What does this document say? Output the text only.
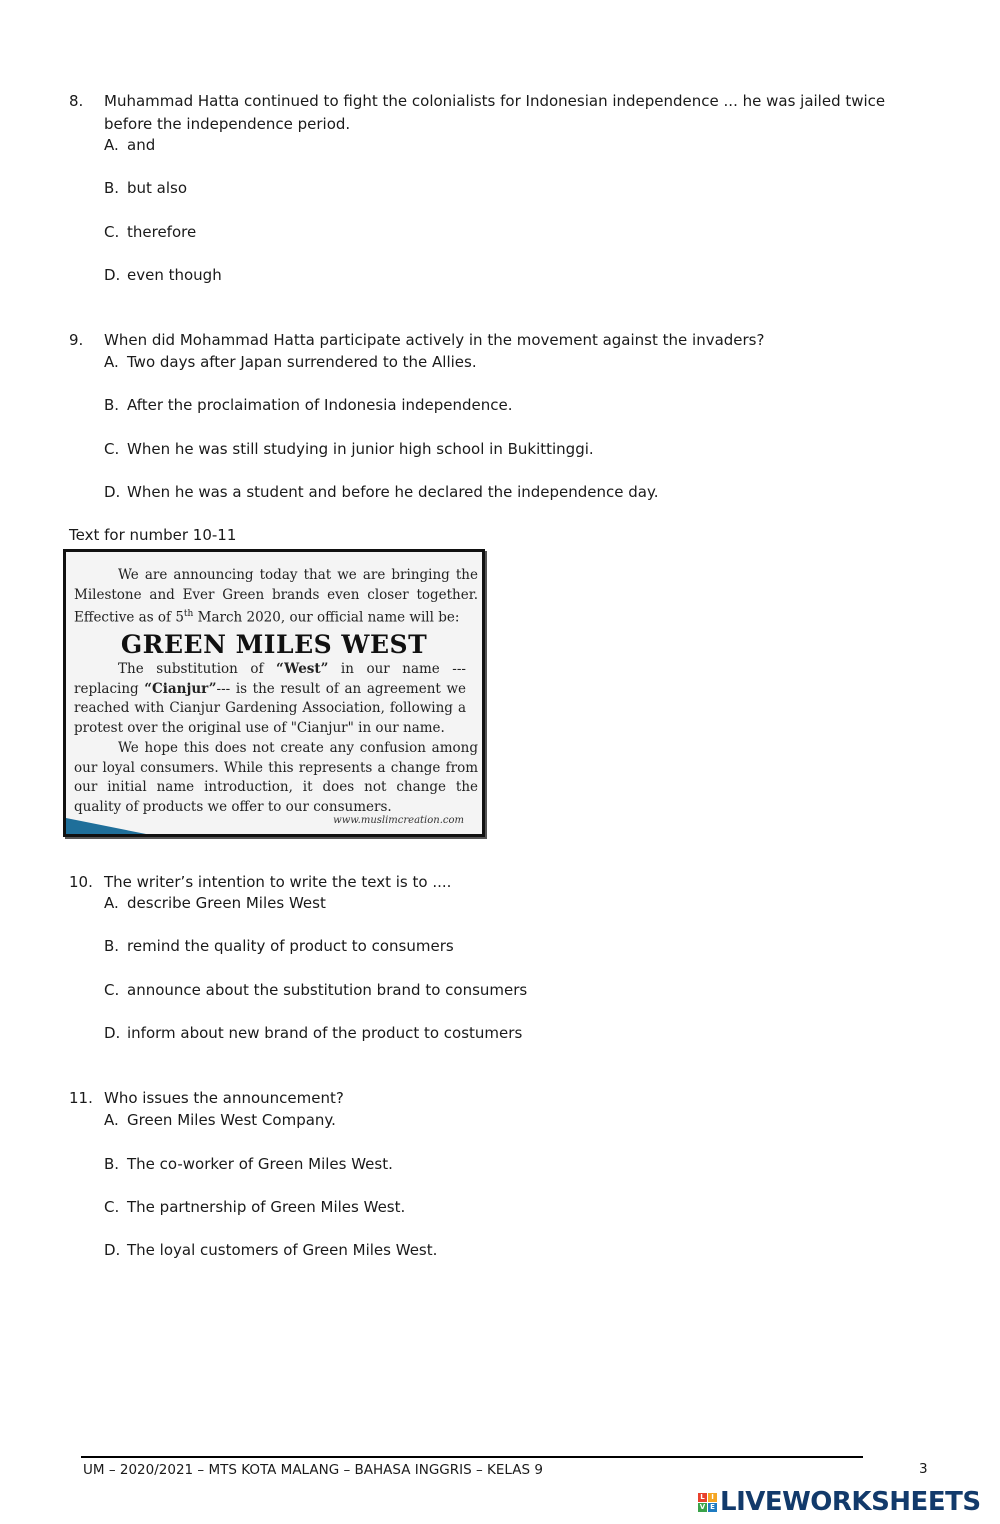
8. Muhammad Hatta continued to fight the colonialists for Indonesian independence ... he was jailed twice before the independence period.
A. and
B. but also
C. therefore
D. even though
9. When did Mohammad Hatta participate actively in the movement against the invaders?
A. Two days after Japan surrendered to the Allies.
B. After the proclaimation of Indonesia independence.
C. When he was still studying in junior high school in Bukittinggi.
D. When he was a student and before he declared the independence day.
Text for number 10-11

We are announcing today that we are bringing the Milestone and Ever Green brands even closer together. Effective as of 5th March 2020, our official name will be:

GREEN MILES WEST

The substitution of “West” in our name --- replacing “Cianjur”--- is the result of an agreement we reached with Cianjur Gardening Association, following a protest over the original use of "Cianjur" in our name.

We hope this does not create any confusion among our loyal consumers. While this represents a change from our initial name introduction, it does not change the quality of products we offer to our consumers.

www.muslimcreation.com
10. The writer’s intention to write the text is to ....
A. describe Green Miles West
B. remind the quality of product to consumers
C. announce about the substitution brand to consumers
D. inform about new brand of the product to costumers
11. Who issues the announcement?
A. Green Miles West Company.
B. The co-worker of Green Miles West.
C. The partnership of Green Miles West.
D. The loyal customers of Green Miles West.
UM – 2020/2021 – MTS KOTA MALANG – BAHASA INGGRIS – KELAS 9	3
L I
V E LIVEWORKSHEETS
